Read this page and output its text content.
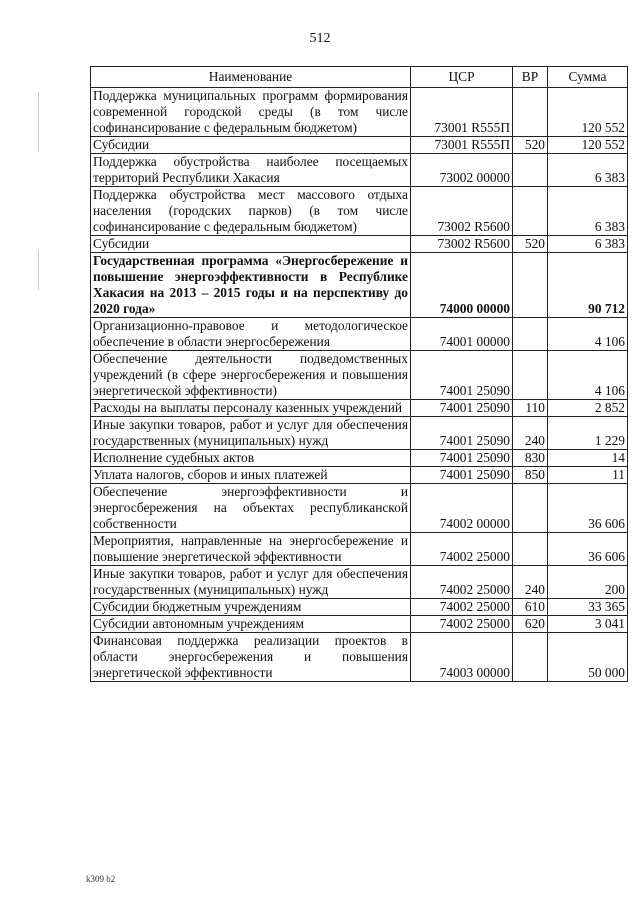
512
Наименование	ЦСР	ВР	Сумма
Поддержка муниципальных программ формирования современной городской среды (в том числе софинансирование с федеральным бюджетом)	73001 R555П		120 552
Субсидии	73001 R555П	520	120 552
Поддержка обустройства наиболее посещаемых территорий Республики Хакасия	73002 00000		6 383
Поддержка обустройства мест массового отдыха населения (городских парков) (в том числе софинансирование с федеральным бюджетом)	73002 R5600		6 383
Субсидии	73002 R5600	520	6 383
Государственная программа «Энергосбережение и повышение энергоэффективности в Республике Хакасия на 2013 – 2015 годы и на перспективу до 2020 года»	74000 00000		90 712
Организационно-правовое и методологическое обеспечение в области энергосбережения	74001 00000		4 106
Обеспечение деятельности подведомственных учреждений (в сфере энергосбережения и повышения энергетической эффективности)	74001 25090		4 106
Расходы на выплаты персоналу казенных учреждений	74001 25090	110	2 852
Иные закупки товаров, работ и услуг для обеспечения государственных (муниципальных) нужд	74001 25090	240	1 229
Исполнение судебных актов	74001 25090	830	14
Уплата налогов, сборов и иных платежей	74001 25090	850	11
Обеспечение энергоэффективности и энергосбережения на объектах республиканской собственности	74002 00000		36 606
Мероприятия, направленные на энергосбережение и повышение энергетической эффективности	74002 25000		36 606
Иные закупки товаров, работ и услуг для обеспечения государственных (муниципальных) нужд	74002 25000	240	200
Субсидии бюджетным учреждениям	74002 25000	610	33 365
Субсидии автономным учреждениям	74002 25000	620	3 041
Финансовая поддержка реализации проектов в области энергосбережения и повышения энергетической эффективности	74003 00000		50 000
k309 b2
